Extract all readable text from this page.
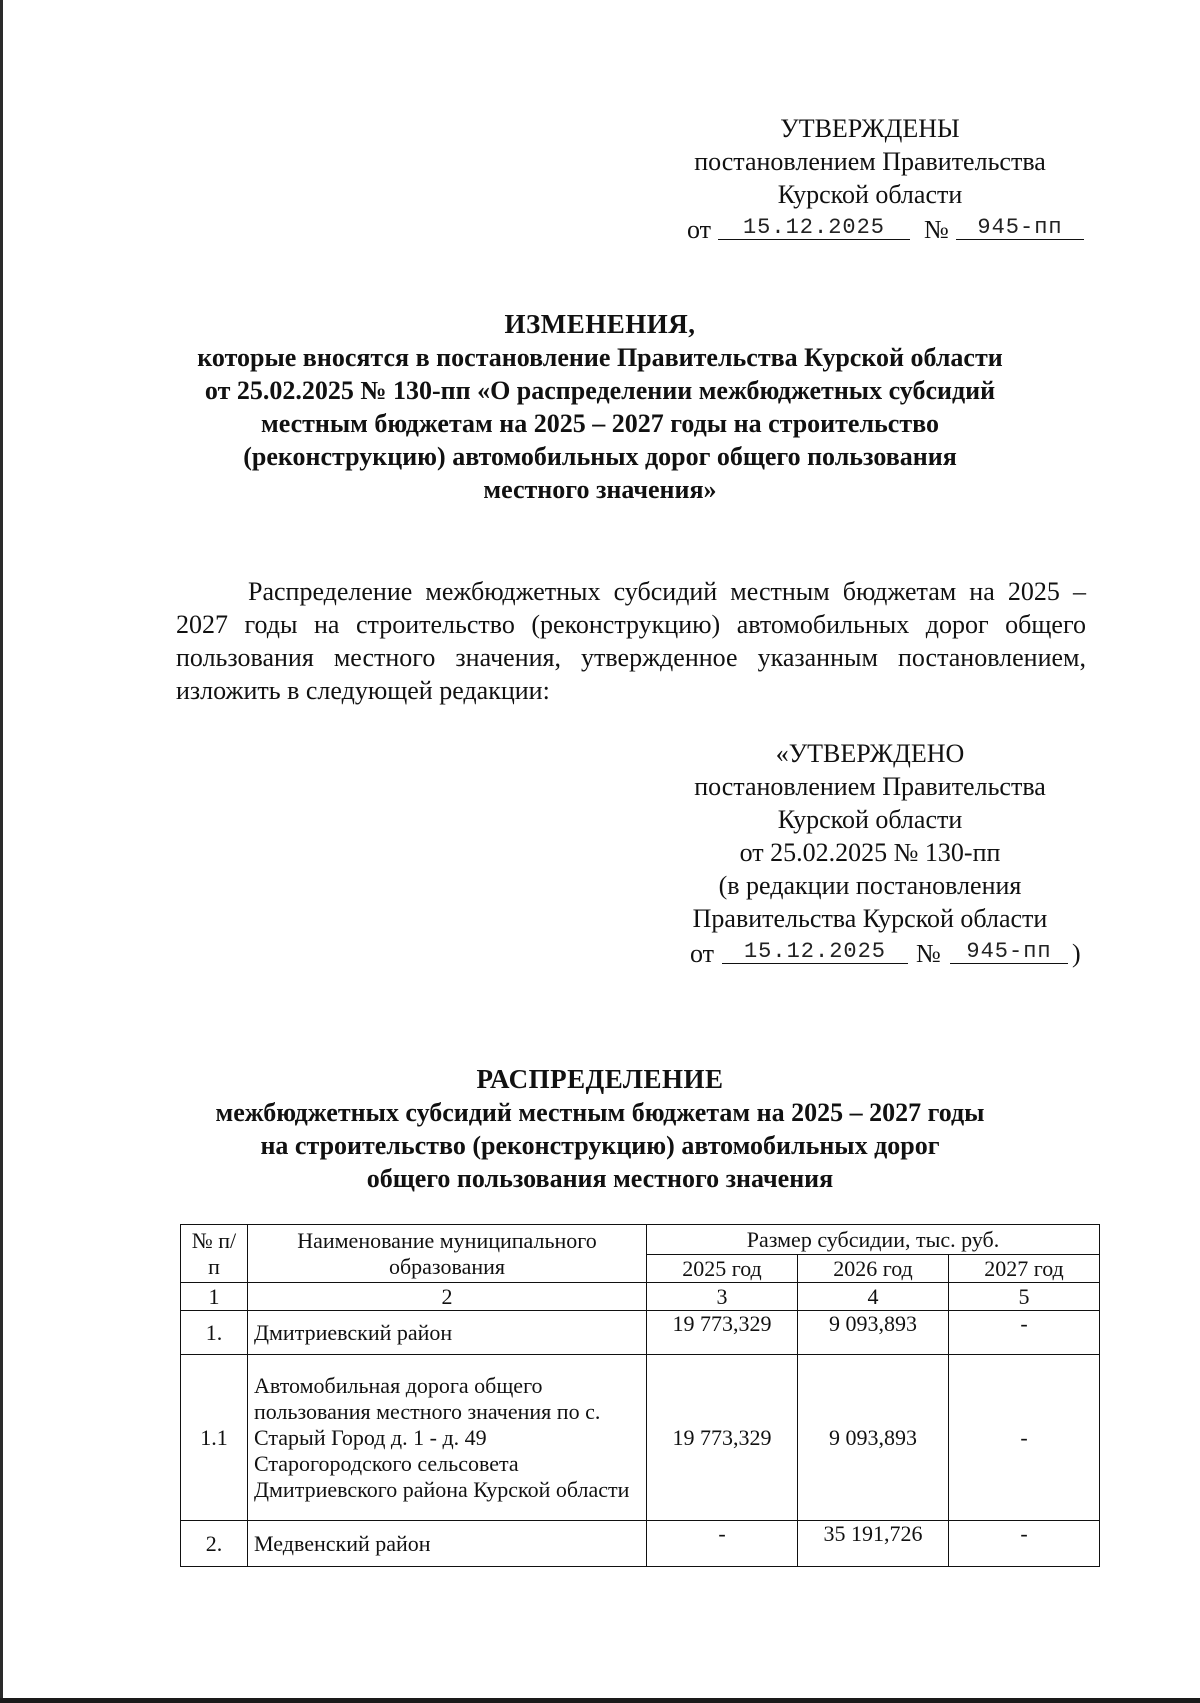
УТВЕРЖДЕНЫ
постановлением Правительства
Курской области
от	15.12.2025	№	945-пп
ИЗМЕНЕНИЯ,
которые вносятся в постановление Правительства Курской области
от 25.02.2025 № 130-пп «О распределении межбюджетных субсидий
местным бюджетам на 2025 – 2027 годы на строительство
(реконструкцию) автомобильных дорог общего пользования
местного значения»
Распределение межбюджетных субсидий местным бюджетам на 2025 – 2027 годы на строительство (реконструкцию) автомобильных дорог общего пользования местного значения, утвержденное указанным постановлением, изложить в следующей редакции:
«УТВЕРЖДЕНО
постановлением Правительства
Курской области
от 25.02.2025 № 130-пп
(в редакции постановления
Правительства Курской области
от	15.12.2025	№	945-пп )
РАСПРЕДЕЛЕНИЕ
межбюджетных субсидий местным бюджетам на 2025 – 2027 годы
на строительство (реконструкцию) автомобильных дорог
общего пользования местного значения
№ п/п	Наименование муниципального образования	Размер субсидии, тыс. руб.		
		2025 год	2026 год	2027 год
1	2	3	4	5
1.	Дмитриевский район	19 773,329	9 093,893	-
1.1	Автомобильная дорога общего пользования местного значения по с. Старый Город д. 1 - д. 49 Старогородского сельсовета Дмитриевского района Курской области	19 773,329	9 093,893	-
2.	Медвенский район	-	35 191,726	-
